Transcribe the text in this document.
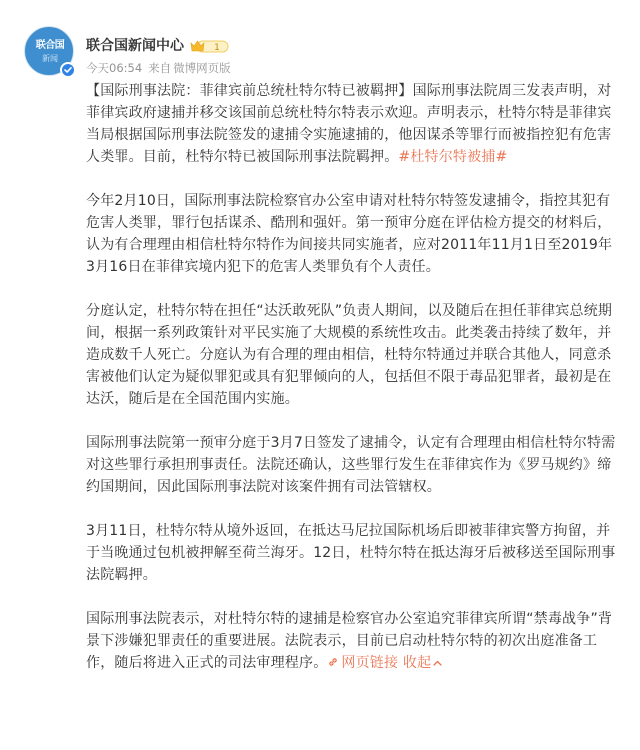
联合国
新闻
联合国新闻中心	1
今天06:54 来自 微博网页版

【国际刑事法院：菲律宾前总统杜特尔特已被羁押】国际刑事法院周三发表声明，对菲律宾政府逮捕并移交该国前总统杜特尔特表示欢迎。声明表示，杜特尔特是菲律宾当局根据国际刑事法院签发的逮捕令实施逮捕的，他因谋杀等罪行而被指控犯有危害人类罪。目前，杜特尔特已被国际刑事法院羁押。#杜特尔特被捕#

今年2月10日，国际刑事法院检察官办公室申请对杜特尔特签发逮捕令，指控其犯有危害人类罪，罪行包括谋杀、酷刑和强奸。第一预审分庭在评估检方提交的材料后，认为有合理理由相信杜特尔特作为间接共同实施者，应对2011年11月1日至2019年3月16日在菲律宾境内犯下的危害人类罪负有个人责任。

分庭认定，杜特尔特在担任“达沃敢死队”负责人期间，以及随后在担任菲律宾总统期间，根据一系列政策针对平民实施了大规模的系统性攻击。此类袭击持续了数年，并造成数千人死亡。分庭认为有合理的理由相信，杜特尔特通过并联合其他人，同意杀害被他们认定为疑似罪犯或具有犯罪倾向的人，包括但不限于毒品犯罪者，最初是在达沃，随后是在全国范围内实施。

国际刑事法院第一预审分庭于3月7日签发了逮捕令，认定有合理理由相信杜特尔特需对这些罪行承担刑事责任。法院还确认，这些罪行发生在菲律宾作为《罗马规约》缔约国期间，因此国际刑事法院对该案件拥有司法管辖权。

3月11日，杜特尔特从境外返回，在抵达马尼拉国际机场后即被菲律宾警方拘留，并于当晚通过包机被押解至荷兰海牙。12日，杜特尔特在抵达海牙后被移送至国际刑事法院羁押。

国际刑事法院表示，对杜特尔特的逮捕是检察官办公室追究菲律宾所谓“禁毒战争”背景下涉嫌犯罪责任的重要进展。法院表示，目前已启动杜特尔特的初次出庭准备工作，随后将进入正式的司法审理程序。 网页链接 收起
